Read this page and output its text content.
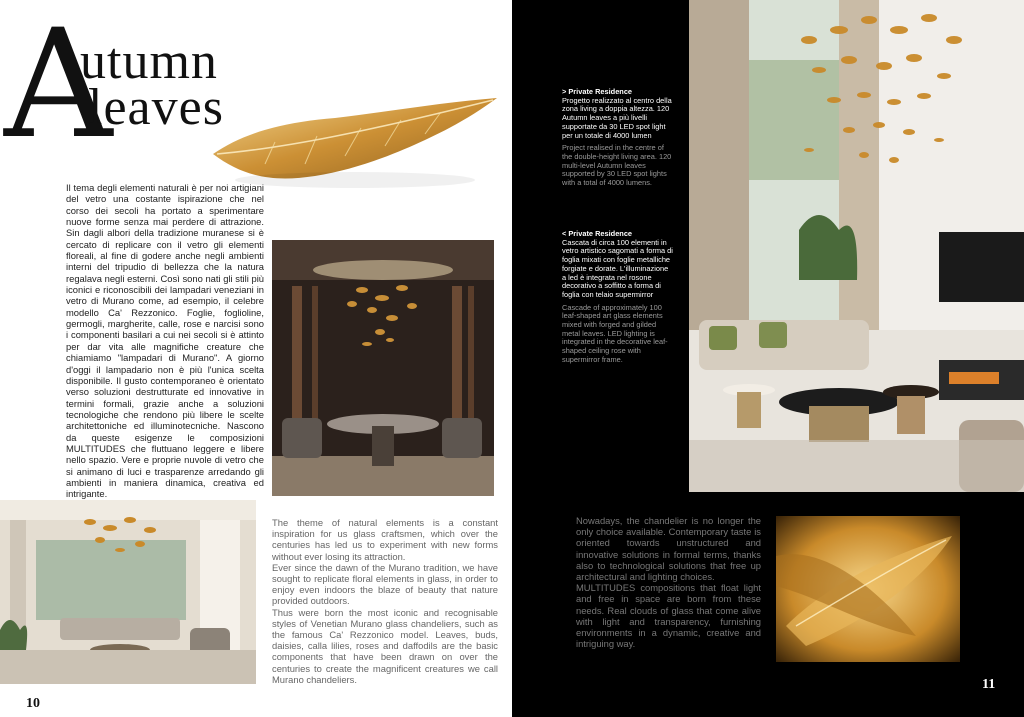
A
utumn
leaves
Il tema degli elementi naturali è per noi artigiani del vetro una costante ispirazione che nel corso dei secoli ha portato a sperimentare nuove forme senza mai perdere di attrazione. Sin dagli albori della tradizione muranese si è cercato di replicare con il vetro gli elementi floreali, al fine di godere anche negli ambienti interni del tripudio di bellezza che la natura regalava negli esterni. Così sono nati gli stili più iconici e riconoscibili dei lampadari veneziani in vetro di Murano come, ad esempio, il celebre modello Ca' Rezzonico. Foglie, foglioline, germogli, margherite, calle, rose e narcisi sono i componenti basilari a cui nei secoli si è attinto per dar vita alle magnifiche creature che chiamiamo "lampadari di Murano". A giorno d'oggi il lampadario non è più l'unica scelta disponibile. Il gusto contemporaneo è orientato verso soluzioni destrutturate ed innovative in termini formali, grazie anche a soluzioni tecnologiche che rendono più libere le scelte architettoniche ed illuminotecniche. Nascono da queste esigenze le composizioni MULTITUDES che fluttuano leggere e libere nello spazio. Vere e proprie nuvole di vetro che si animano di luci e trasparenze arredando gli ambienti in maniera dinamica, creativa ed intrigante.

The theme of natural elements is a constant inspiration for us glass craftsmen, which over the centuries has led us to experiment with new forms without ever losing its attraction.

Ever since the dawn of the Murano tradition, we have sought to replicate floral elements in glass, in order to enjoy even indoors the blaze of beauty that nature provided outdoors.

Thus were born the most iconic and recognisable styles of Venetian Murano glass chandeliers, such as the famous Ca' Rezzonico model. Leaves, buds, daisies, calla lilies, roses and daffodils are the basic components that have been drawn on over the centuries to create the magnificent creatures we call Murano chandeliers.

10
> Private Residence
Progetto realizzato al centro della zona living a doppia altezza. 120 Autumn leaves a più livelli supportate da 30 LED spot light per un totale di 4000 lumen
Project realised in the centre of the double-height living area. 120 multi-level Autumn leaves supported by 30 LED spot lights with a total of 4000 lumens.
< Private Residence
Cascata di circa 100 elementi in vetro artistico sagomati a forma di foglia mixati con foglie metalliche forgiate e dorate. L'illuminazione a led è integrata nel rosone decorativo a soffitto a forma di foglia con telaio supermirror
Cascade of approximately 100 leaf-shaped art glass elements mixed with forged and gilded metal leaves. LED lighting is integrated in the decorative leaf-shaped ceiling rose with supermirror frame.

Nowadays, the chandelier is no longer the only choice available. Contemporary taste is oriented towards unstructured and innovative solutions in formal terms, thanks also to technological solutions that free up architectural and lighting choices.

MULTITUDES compositions that float light and free in space are born from these needs. Real clouds of glass that come alive with light and transparency, furnishing environments in a dynamic, creative and intriguing way.

11
